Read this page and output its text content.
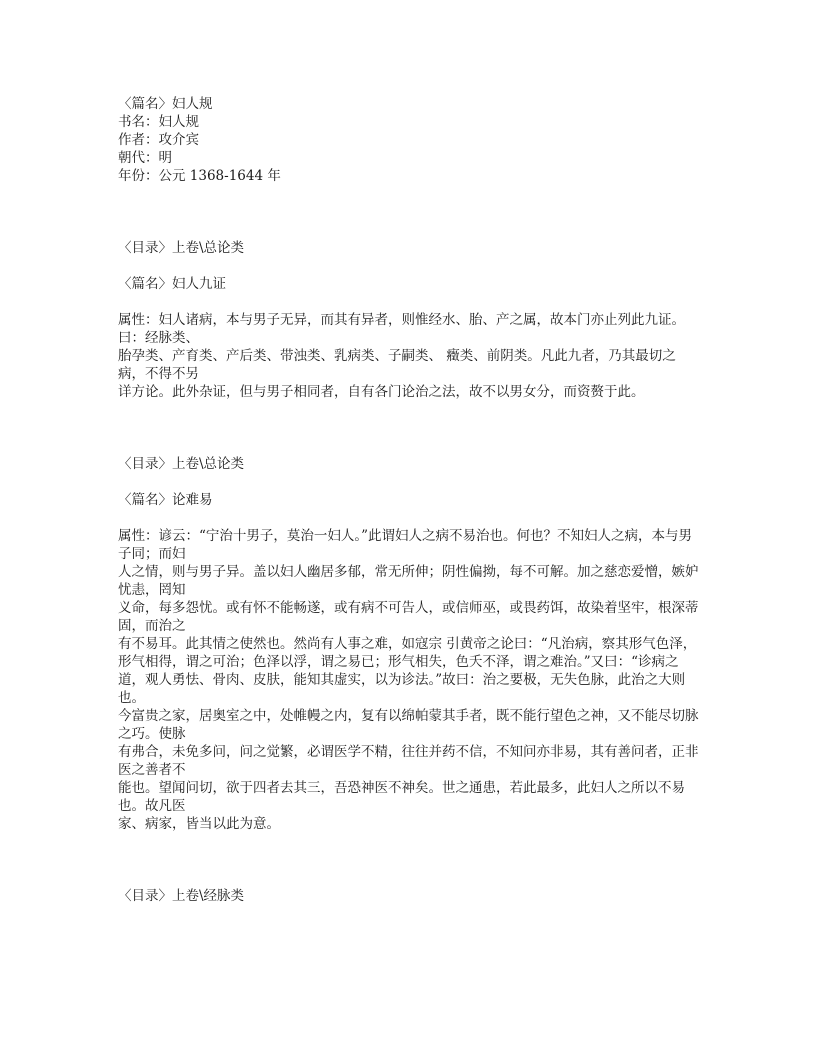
〈篇名〉妇人规
书名：妇人规
作者：攻介宾
朝代：明
年份：公元 1368-1644 年
〈目录〉上卷\总论类
〈篇名〉妇人九证
属性：妇人诸病，本与男子无异，而其有异者，则惟经水、胎、产之属，故本门亦止列此九证。曰：经脉类、
胎孕类、产育类、产后类、带浊类、乳病类、子嗣类、 癥类、前阴类。凡此九者，乃其最切之病，不得不另
详方论。此外杂证，但与男子相同者，自有各门论治之法，故不以男女分，而资赘于此。
〈目录〉上卷\总论类
〈篇名〉论难易
属性：谚云：“宁治十男子，莫治一妇人。”此谓妇人之病不易治也。何也？不知妇人之病，本与男子同；而妇
人之情，则与男子异。盖以妇人幽居多郁，常无所伸；阴性偏拗，每不可解。加之慈恋爱憎，嫉妒忧恚，罔知
义命，每多怨忧。或有怀不能畅遂，或有病不可告人，或信师巫，或畏药饵，故染着坚牢，根深蒂固，而治之
有不易耳。此其情之使然也。然尚有人事之难，如寇宗 引黄帝之论曰：“凡治病，察其形气色泽，
形气相得，谓之可治；色泽以浮，谓之易已；形气相失，色夭不泽，谓之难治。”又曰：“诊病之
道，观人勇怯、骨肉、皮肤，能知其虚实，以为诊法。”故曰：治之要极，无失色脉，此治之大则也。
今富贵之家，居奥室之中，处帷幔之内，复有以绵帕蒙其手者，既不能行望色之神，又不能尽切脉之巧。使脉
有弗合，未免多问，问之觉繁，必谓医学不精，往往并药不信，不知问亦非易，其有善问者，正非医之善者不
能也。望闻问切，欲于四者去其三，吾恐神医不神矣。世之通患，若此最多，此妇人之所以不易也。故凡医
家、病家，皆当以此为意。
〈目录〉上卷\经脉类
